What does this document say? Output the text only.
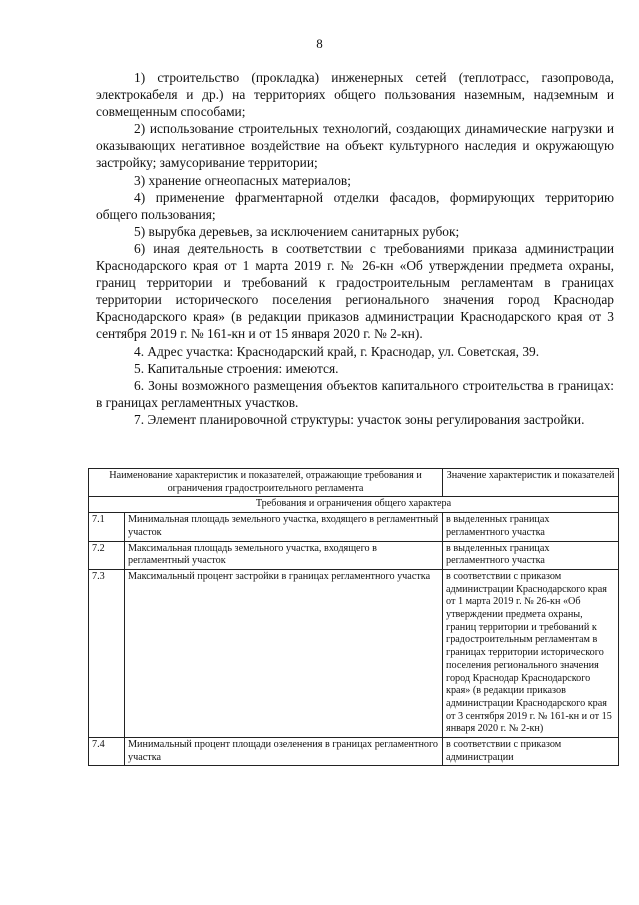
8

1) строительство (прокладка) инженерных сетей (теплотрасс, газопровода, электрокабеля и др.) на территориях общего пользования наземным, надземным и совмещенным способами;

2) использование строительных технологий, создающих динамические нагрузки и оказывающих негативное воздействие на объект культурного наследия и окружающую застройку; замусоривание территории;

3) хранение огнеопасных материалов;

4) применение фрагментарной отделки фасадов, формирующих территорию общего пользования;

5) вырубка деревьев, за исключением санитарных рубок;

6) иная деятельность в соответствии с требованиями приказа администрации Краснодарского края от 1 марта 2019 г. № 26-кн «Об утверждении предмета охраны, границ территории и требований к градостроительным регламентам в границах территории исторического поселения регионального значения город Краснодар Краснодарского края» (в редакции приказов администрации Краснодарского края от 3 сентября 2019 г. № 161-кн и от 15 января 2020 г. № 2-кн).

4. Адрес участка: Краснодарский край, г. Краснодар, ул. Советская, 39.

5. Капитальные строения: имеются.

6. Зоны возможного размещения объектов капитального строительства в границах: в границах регламентных участков.

7. Элемент планировочной структуры: участок зоны регулирования застройки.

Наименование характеристик и показателей, отражающие требования и ограничения градостроительного регламента		Значение характеристик и показателей
Требования и ограничения общего характера		
7.1	Минимальная площадь земельного участка, входящего в регламентный участок	в выделенных границах регламентного участка
7.2	Максимальная площадь земельного участка, входящего в регламентный участок	в выделенных границах регламентного участка
7.3	Максимальный процент застройки в границах регламентного участка	в соответствии с приказом администрации Краснодарского края от 1 марта 2019 г. № 26-кн «Об утверждении предмета охраны, границ территории и требований к градостроительным регламентам в границах территории исторического поселения регионального значения город Краснодар Краснодарского края» (в редакции приказов администрации Краснодарского края от 3 сентября 2019 г. № 161-кн и от 15 января 2020 г. № 2-кн)
7.4	Минимальный процент площади озеленения в границах регламентного участка	в соответствии с приказом администрации
